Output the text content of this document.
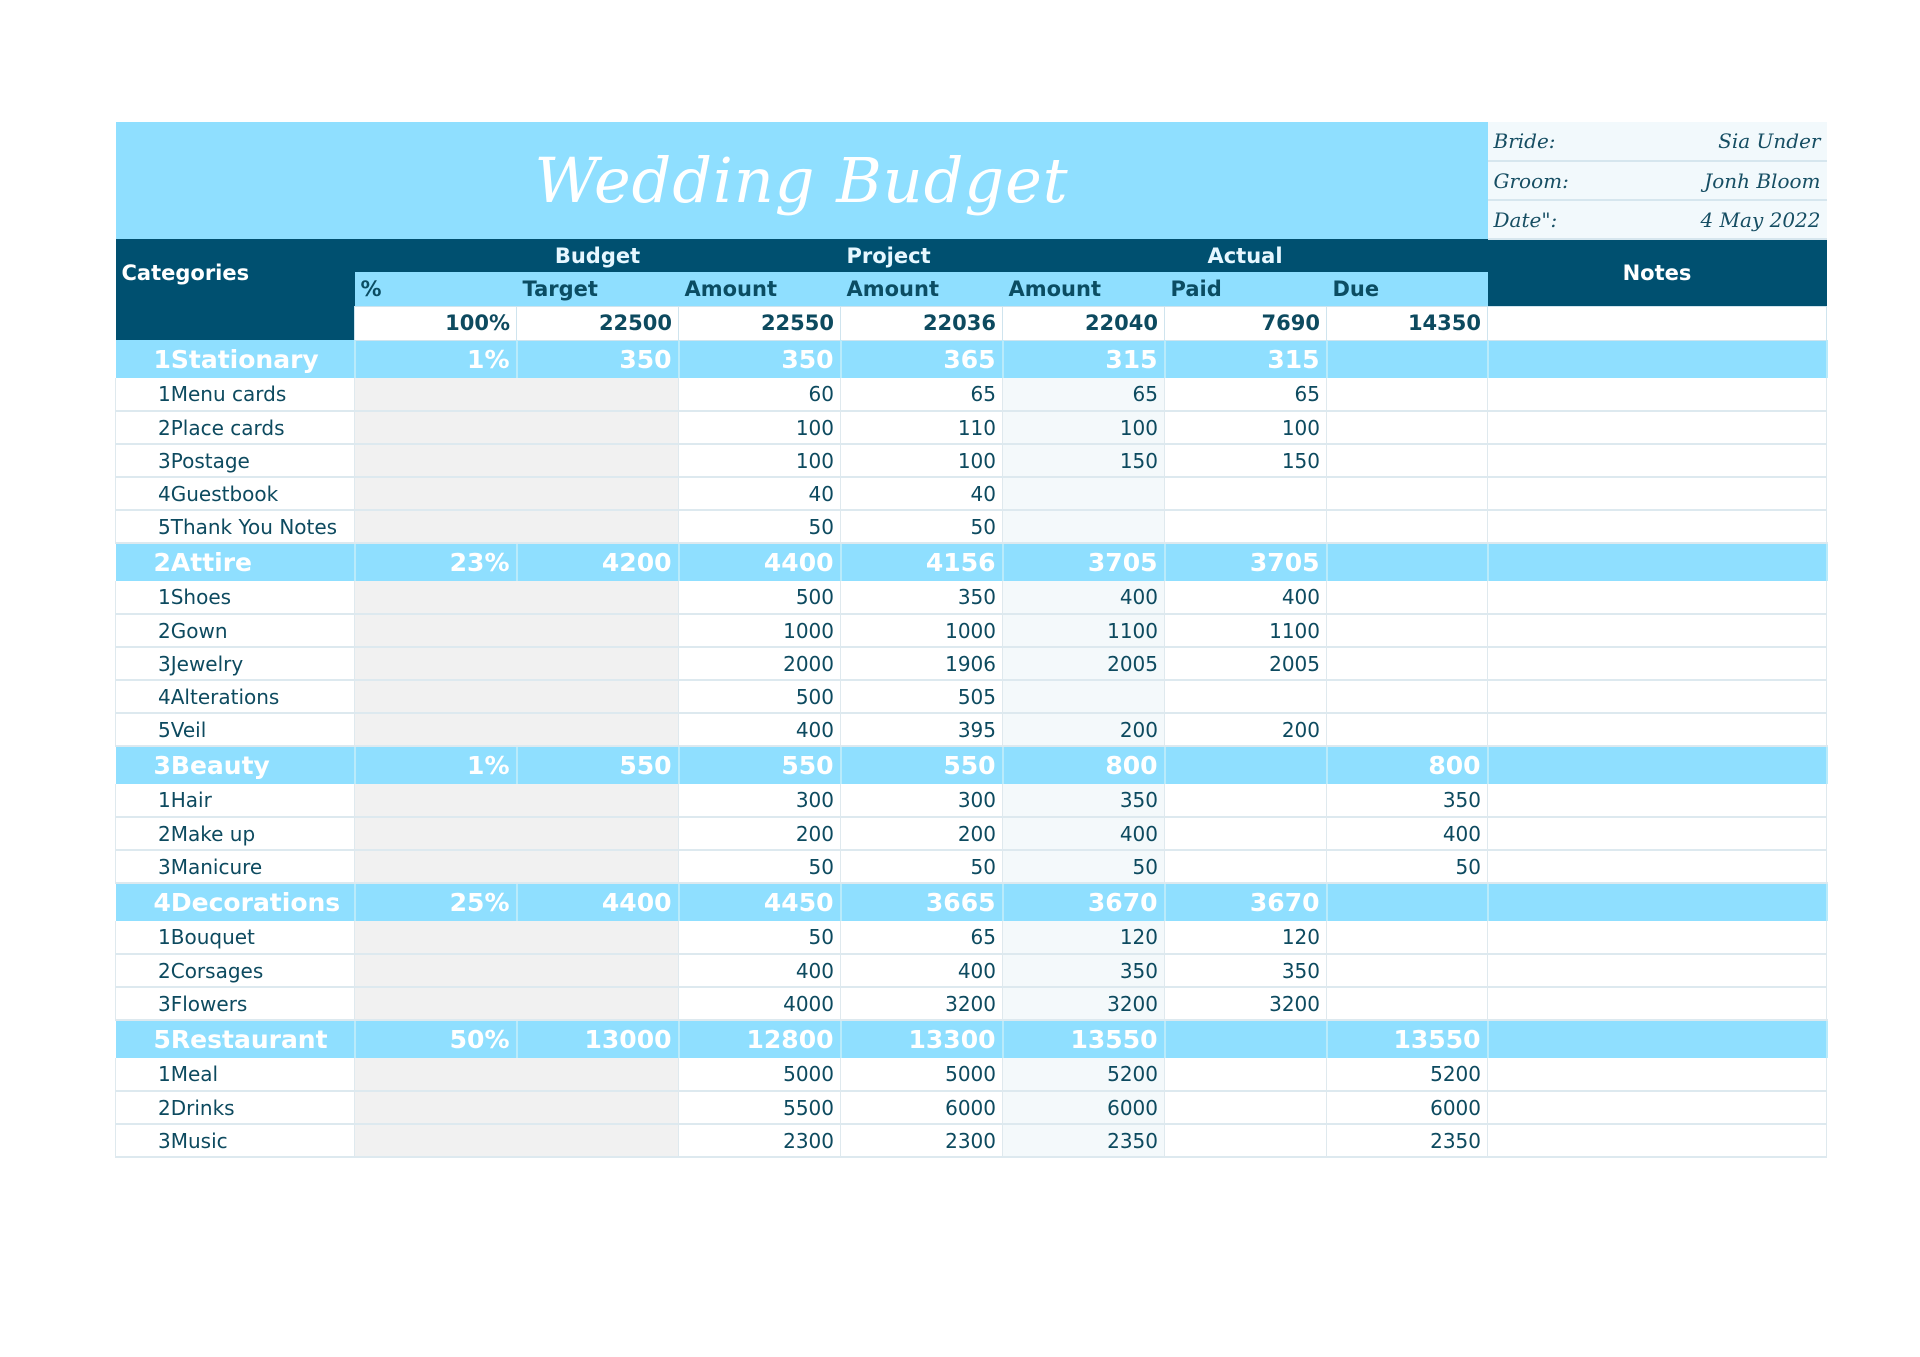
Wedding Budget								Bride:	Sia Under
								Groom:	Jonh Bloom
								Date":	4 May 2022
Categories	Budget			Project	Actual			Notes	
	%	Target	Amount	Amount	Amount	Paid	Due		
	100%	22500	22550	22036	22040	7690	14350		
1Stationary	1%	350	350	365	315	315			
1Menu cards			60	65	65	65			
2Place cards			100	110	100	100			
3Postage			100	100	150	150			
4Guestbook			40	40					
5Thank You Notes			50	50					
2Attire	23%	4200	4400	4156	3705	3705			
1Shoes			500	350	400	400			
2Gown			1000	1000	1100	1100			
3Jewelry			2000	1906	2005	2005			
4Alterations			500	505					
5Veil			400	395	200	200			
3Beauty	1%	550	550	550	800		800		
1Hair			300	300	350		350		
2Make up			200	200	400		400		
3Manicure			50	50	50		50		
4Decorations	25%	4400	4450	3665	3670	3670			
1Bouquet			50	65	120	120			
2Corsages			400	400	350	350			
3Flowers			4000	3200	3200	3200			
5Restaurant	50%	13000	12800	13300	13550		13550		
1Meal			5000	5000	5200		5200		
2Drinks			5500	6000	6000		6000		
3Music			2300	2300	2350		2350		
